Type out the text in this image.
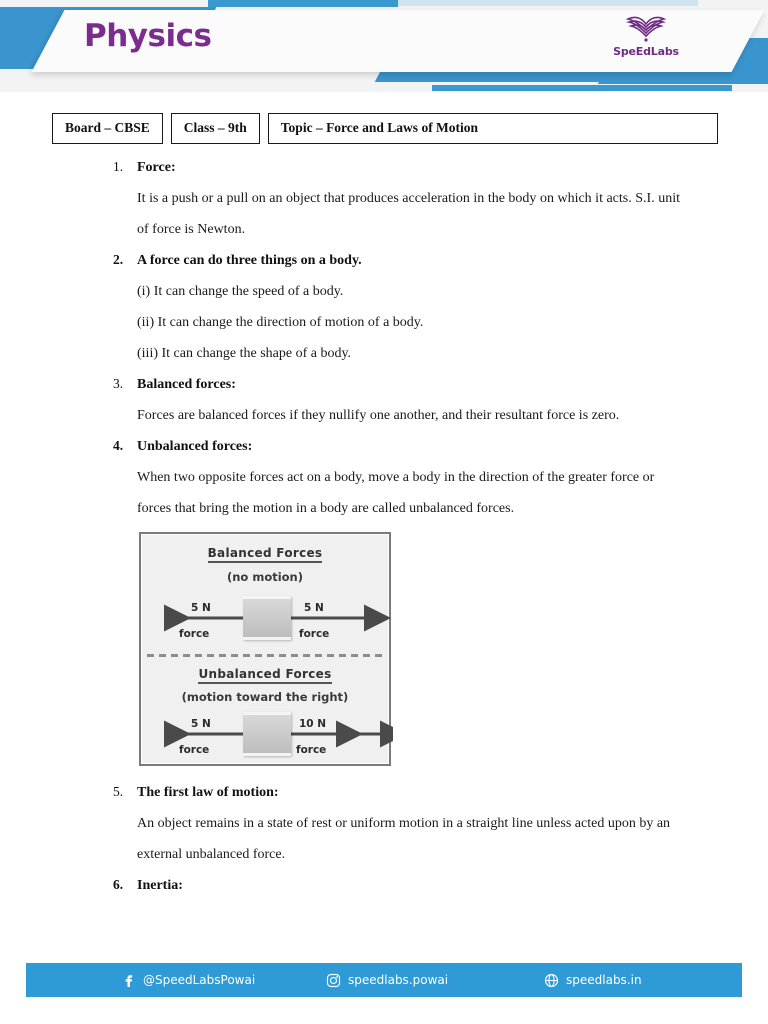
Physics	SpeEdLabs
Board – CBSE	Class – 9th	Topic – Force and Laws of Motion
1. Force:
It is a push or a pull on an object that produces acceleration in the body on which it acts. S.I. unit of force is Newton.
2. A force can do three things on a body.
(i) It can change the speed of a body.
(ii) It can change the direction of motion of a body.
(iii) It can change the shape of a body.
3. Balanced forces:
Forces are balanced forces if they nullify one another, and their resultant force is zero.
4. Unbalanced forces:
When two opposite forces act on a body, move a body in the direction of the greater force or forces that bring the motion in a body are called unbalanced forces.
Balanced Forces
(no motion)
5 N
force
5 N
force
Unbalanced Forces
(motion toward the right)
5 N
force
10 N
force
5. The first law of motion:
An object remains in a state of rest or uniform motion in a straight line unless acted upon by an external unbalanced force.
6. Inertia:
@SpeedLabsPowai	speedlabs.powai	speedlabs.in
